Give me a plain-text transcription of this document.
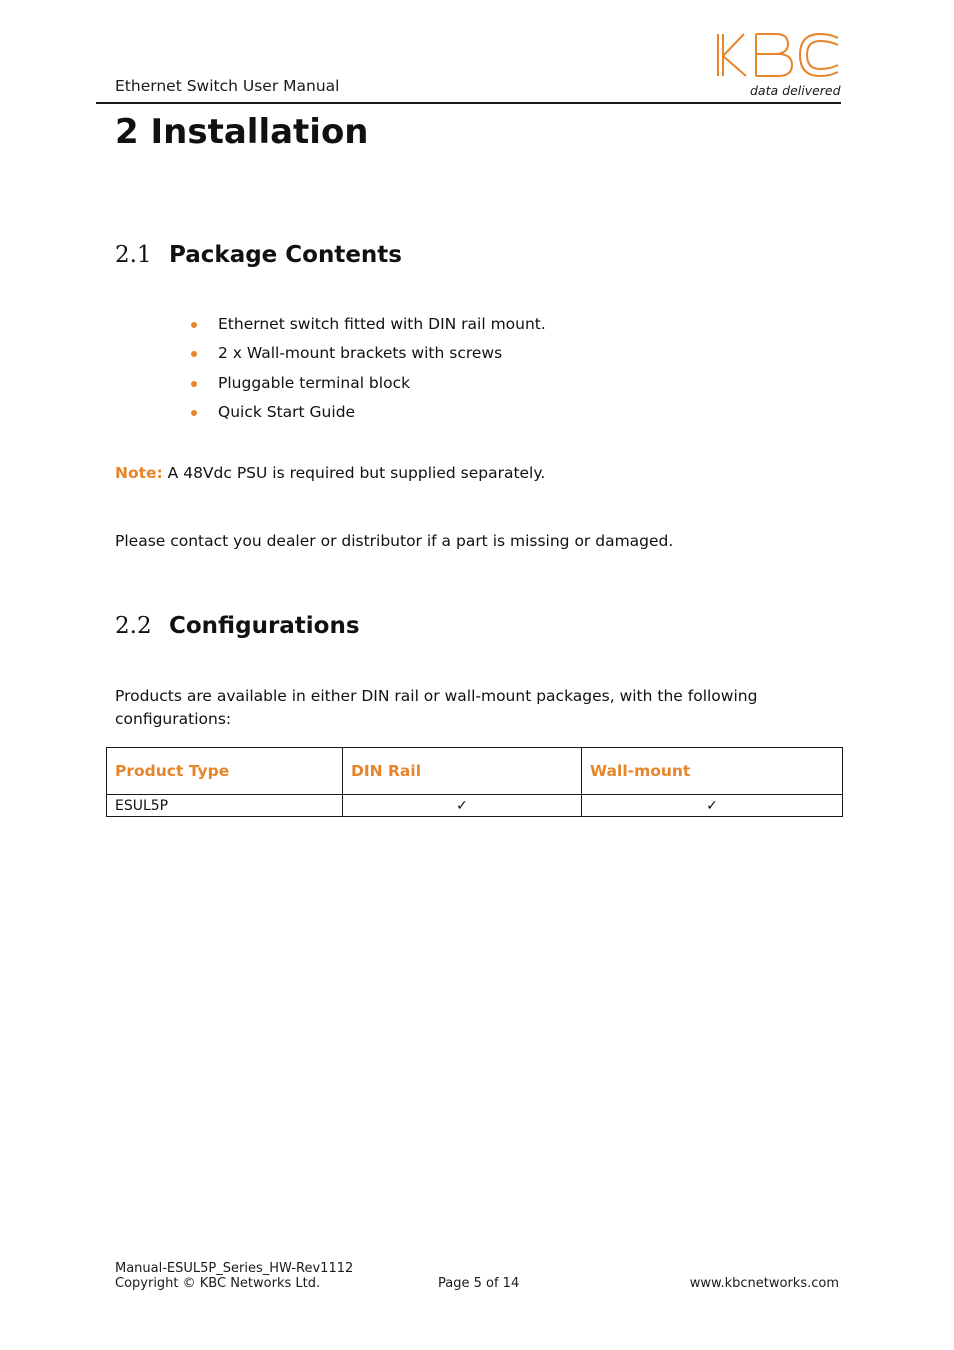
Ethernet Switch User Manual	data delivered
2 Installation
2.1 Package Contents
Ethernet switch fitted with DIN rail mount.
2 x Wall-mount brackets with screws
Pluggable terminal block
Quick Start Guide
Note: A 48Vdc PSU is required but supplied separately.
Please contact you dealer or distributor if a part is missing or damaged.
2.2 Configurations
Products are available in either DIN rail or wall-mount packages, with the following configurations:
Product Type	DIN Rail	Wall-mount
ESUL5P	✓	✓
Manual-ESUL5P_Series_HW-Rev1112
Copyright © KBC Networks Ltd.	Page 5 of 14	www.kbcnetworks.com
